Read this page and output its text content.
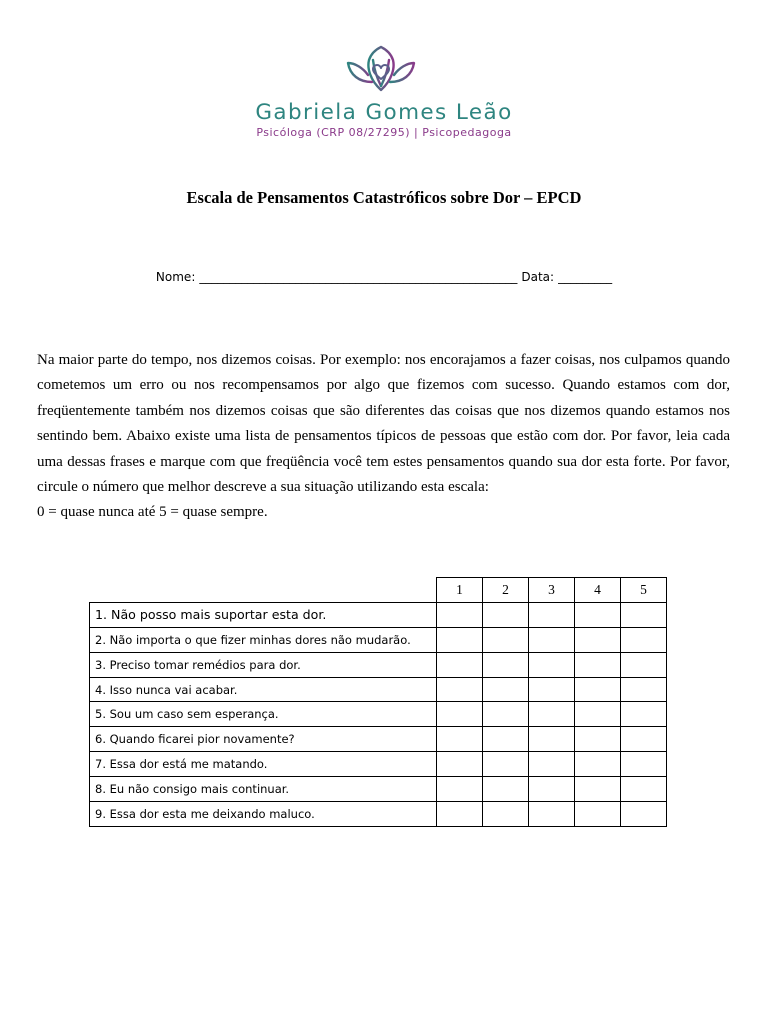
Gabriela Gomes Leão
Psicóloga (CRP 08/27295) | Psicopedagoga
Escala de Pensamentos Catastróficos sobre Dor – EPCD
Nome: _____________________________________________________ Data: _________

Na maior parte do tempo, nos dizemos coisas. Por exemplo: nos encorajamos a fazer coisas, nos culpamos quando cometemos um erro ou nos recompensamos por algo que fizemos com sucesso. Quando estamos com dor, freqüentemente também nos dizemos coisas que são diferentes das coisas que nos dizemos quando estamos nos sentindo bem. Abaixo existe uma lista de pensamentos típicos de pessoas que estão com dor. Por favor, leia cada uma dessas frases e marque com que freqüência você tem estes pensamentos quando sua dor esta forte. Por favor, circule o número que melhor descreve a sua situação utilizando esta escala:

0 = quase nunca até 5 = quase sempre.
	1	2	3	4	5
1. Não posso mais suportar esta dor.					
2. Não importa o que fizer minhas dores não mudarão.					
3. Preciso tomar remédios para dor.					
4. Isso nunca vai acabar.					
5. Sou um caso sem esperança.					
6. Quando ficarei pior novamente?					
7. Essa dor está me matando.					
8. Eu não consigo mais continuar.					
9. Essa dor esta me deixando maluco.					
